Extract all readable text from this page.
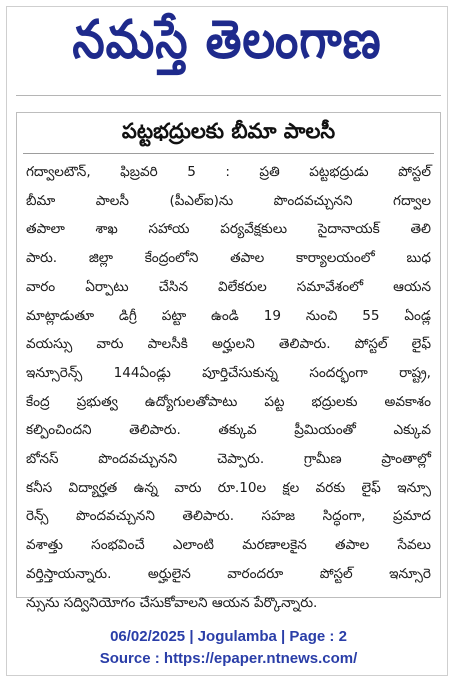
నమస్తే తెలంగాణ
పట్టభద్రులకు బీమా పాలసీ
గద్వాలటౌన్, ఫిబ్రవరి 5 : ప్రతి పట్టభద్రుడు పోస్టల్
బీమా పాలసీ (పీఎల్ఐ)ను పొందవచ్చునని గద్వాల
తపాలా శాఖ సహాయ పర్యవేక్షకులు సైదానాయక్ తెలి
పారు. జిల్లా కేంద్రంలోని తపాల కార్యాలయంలో బుధ
వారం ఏర్పాటు చేసిన విలేకరుల సమావేశంలో ఆయన
మాట్లాడుతూ డిగ్రీ పట్టా ఉండి 19 నుంచి 55 ఏండ్ల
వయస్సు వారు పాలసీకి అర్హులని తెలిపారు. పోస్టల్ లైఫ్
ఇన్సూరెన్స్ 144ఏండ్లు పూర్తిచేసుకున్న సందర్భంగా రాష్ట్ర,
కేంద్ర ప్రభుత్వ ఉద్యోగులతోపాటు పట్ట భద్రులకు అవకాశం
కల్పించిందని తెలిపారు. తక్కువ ప్రీమియంతో ఎక్కువ
బోనస్ పొందవచ్చునని చెప్పారు. గ్రామీణ ప్రాంతాల్లో
కనీస విద్యార్హత ఉన్న వారు రూ.10ల క్షల వరకు లైఫ్ ఇన్సూ
రెన్స్ పొందవచ్చునని తెలిపారు. సహజ సిద్ధంగా, ప్రమాద
వశాత్తు సంభవించే ఎలాంటి మరణాలకైన తపాల సేవలు
వర్తిస్తాయన్నారు. అర్హులైన వారందరూ పోస్టల్ ఇన్సూరె
న్సును సద్వినియోగం చేసుకోవాలని ఆయన పేర్కొన్నారు.
06/02/2025 | Jogulamba | Page : 2
Source : https://epaper.ntnews.com/
